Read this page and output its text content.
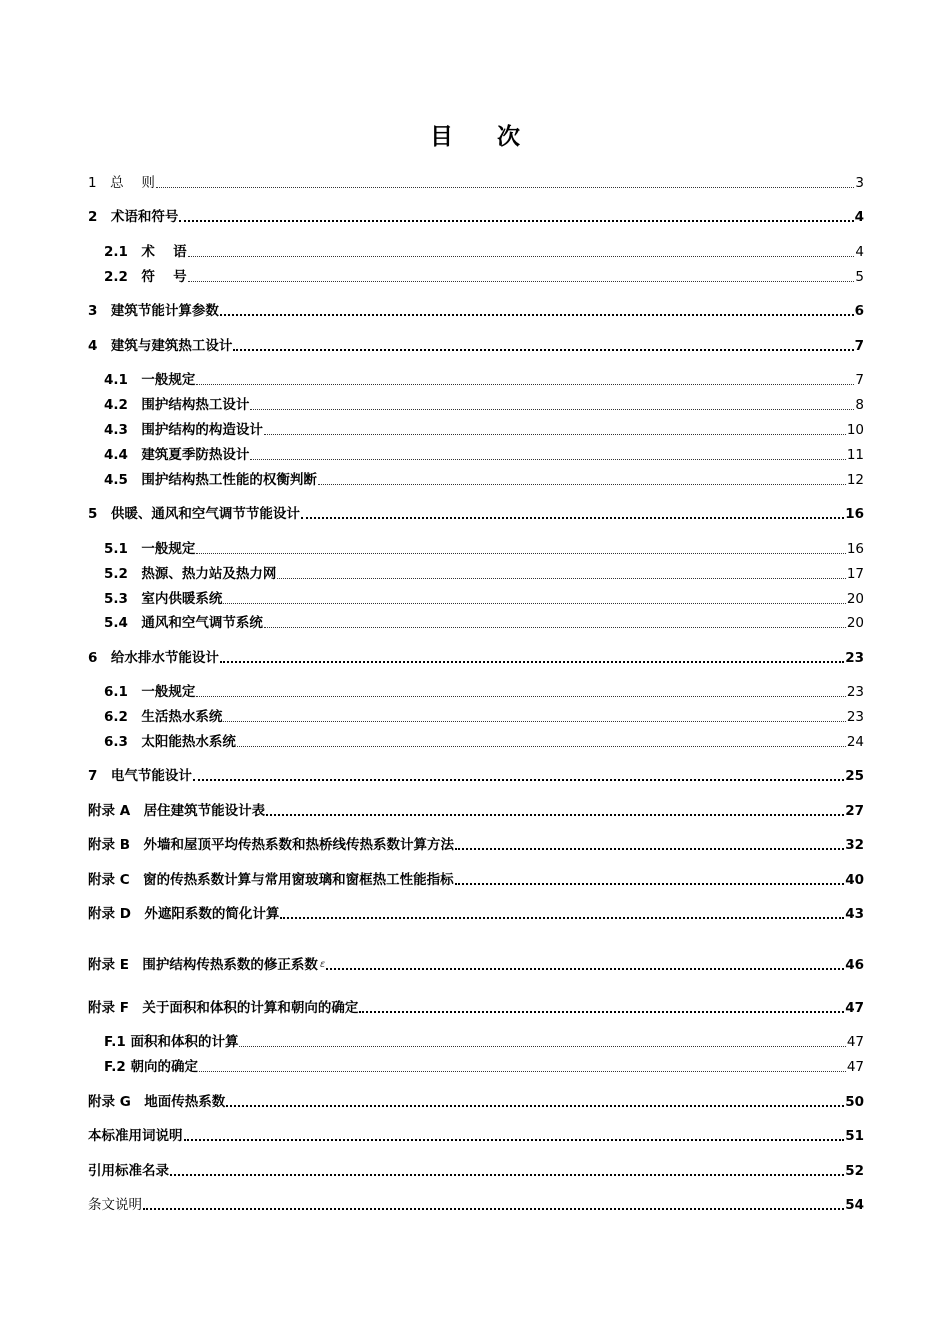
目 次
1　总　 则	3
2　术语和符号	4
2.1　术　 语	4
2.2　符　 号	5
3　建筑节能计算参数	6
4　建筑与建筑热工设计	7
4.1　一般规定	7
4.2　围护结构热工设计	8
4.3　围护结构的构造设计	10
4.4　建筑夏季防热设计	11
4.5　围护结构热工性能的权衡判断	12
5　供暖、通风和空气调节节能设计	16
5.1　一般规定	16
5.2　热源、热力站及热力网	17
5.3　室内供暖系统	20
5.4　通风和空气调节系统	20
6　给水排水节能设计	23
6.1　一般规定	23
6.2　生活热水系统	23
6.3　太阳能热水系统	24
7　电气节能设计	25
附录 A　居住建筑节能设计表	27
附录 B　外墙和屋顶平均传热系数和热桥线传热系数计算方法	32
附录 C　窗的传热系数计算与常用窗玻璃和窗框热工性能指标	40
附录 D　外遮阳系数的简化计算	43
附录 E　围护结构传热系数的修正系数 ε	46
附录 F　关于面积和体积的计算和朝向的确定	47
F.1 面积和体积的计算	47
F.2 朝向的确定	47
附录 G　地面传热系数	50
本标准用词说明	51
引用标准名录	52
条文说明	54
